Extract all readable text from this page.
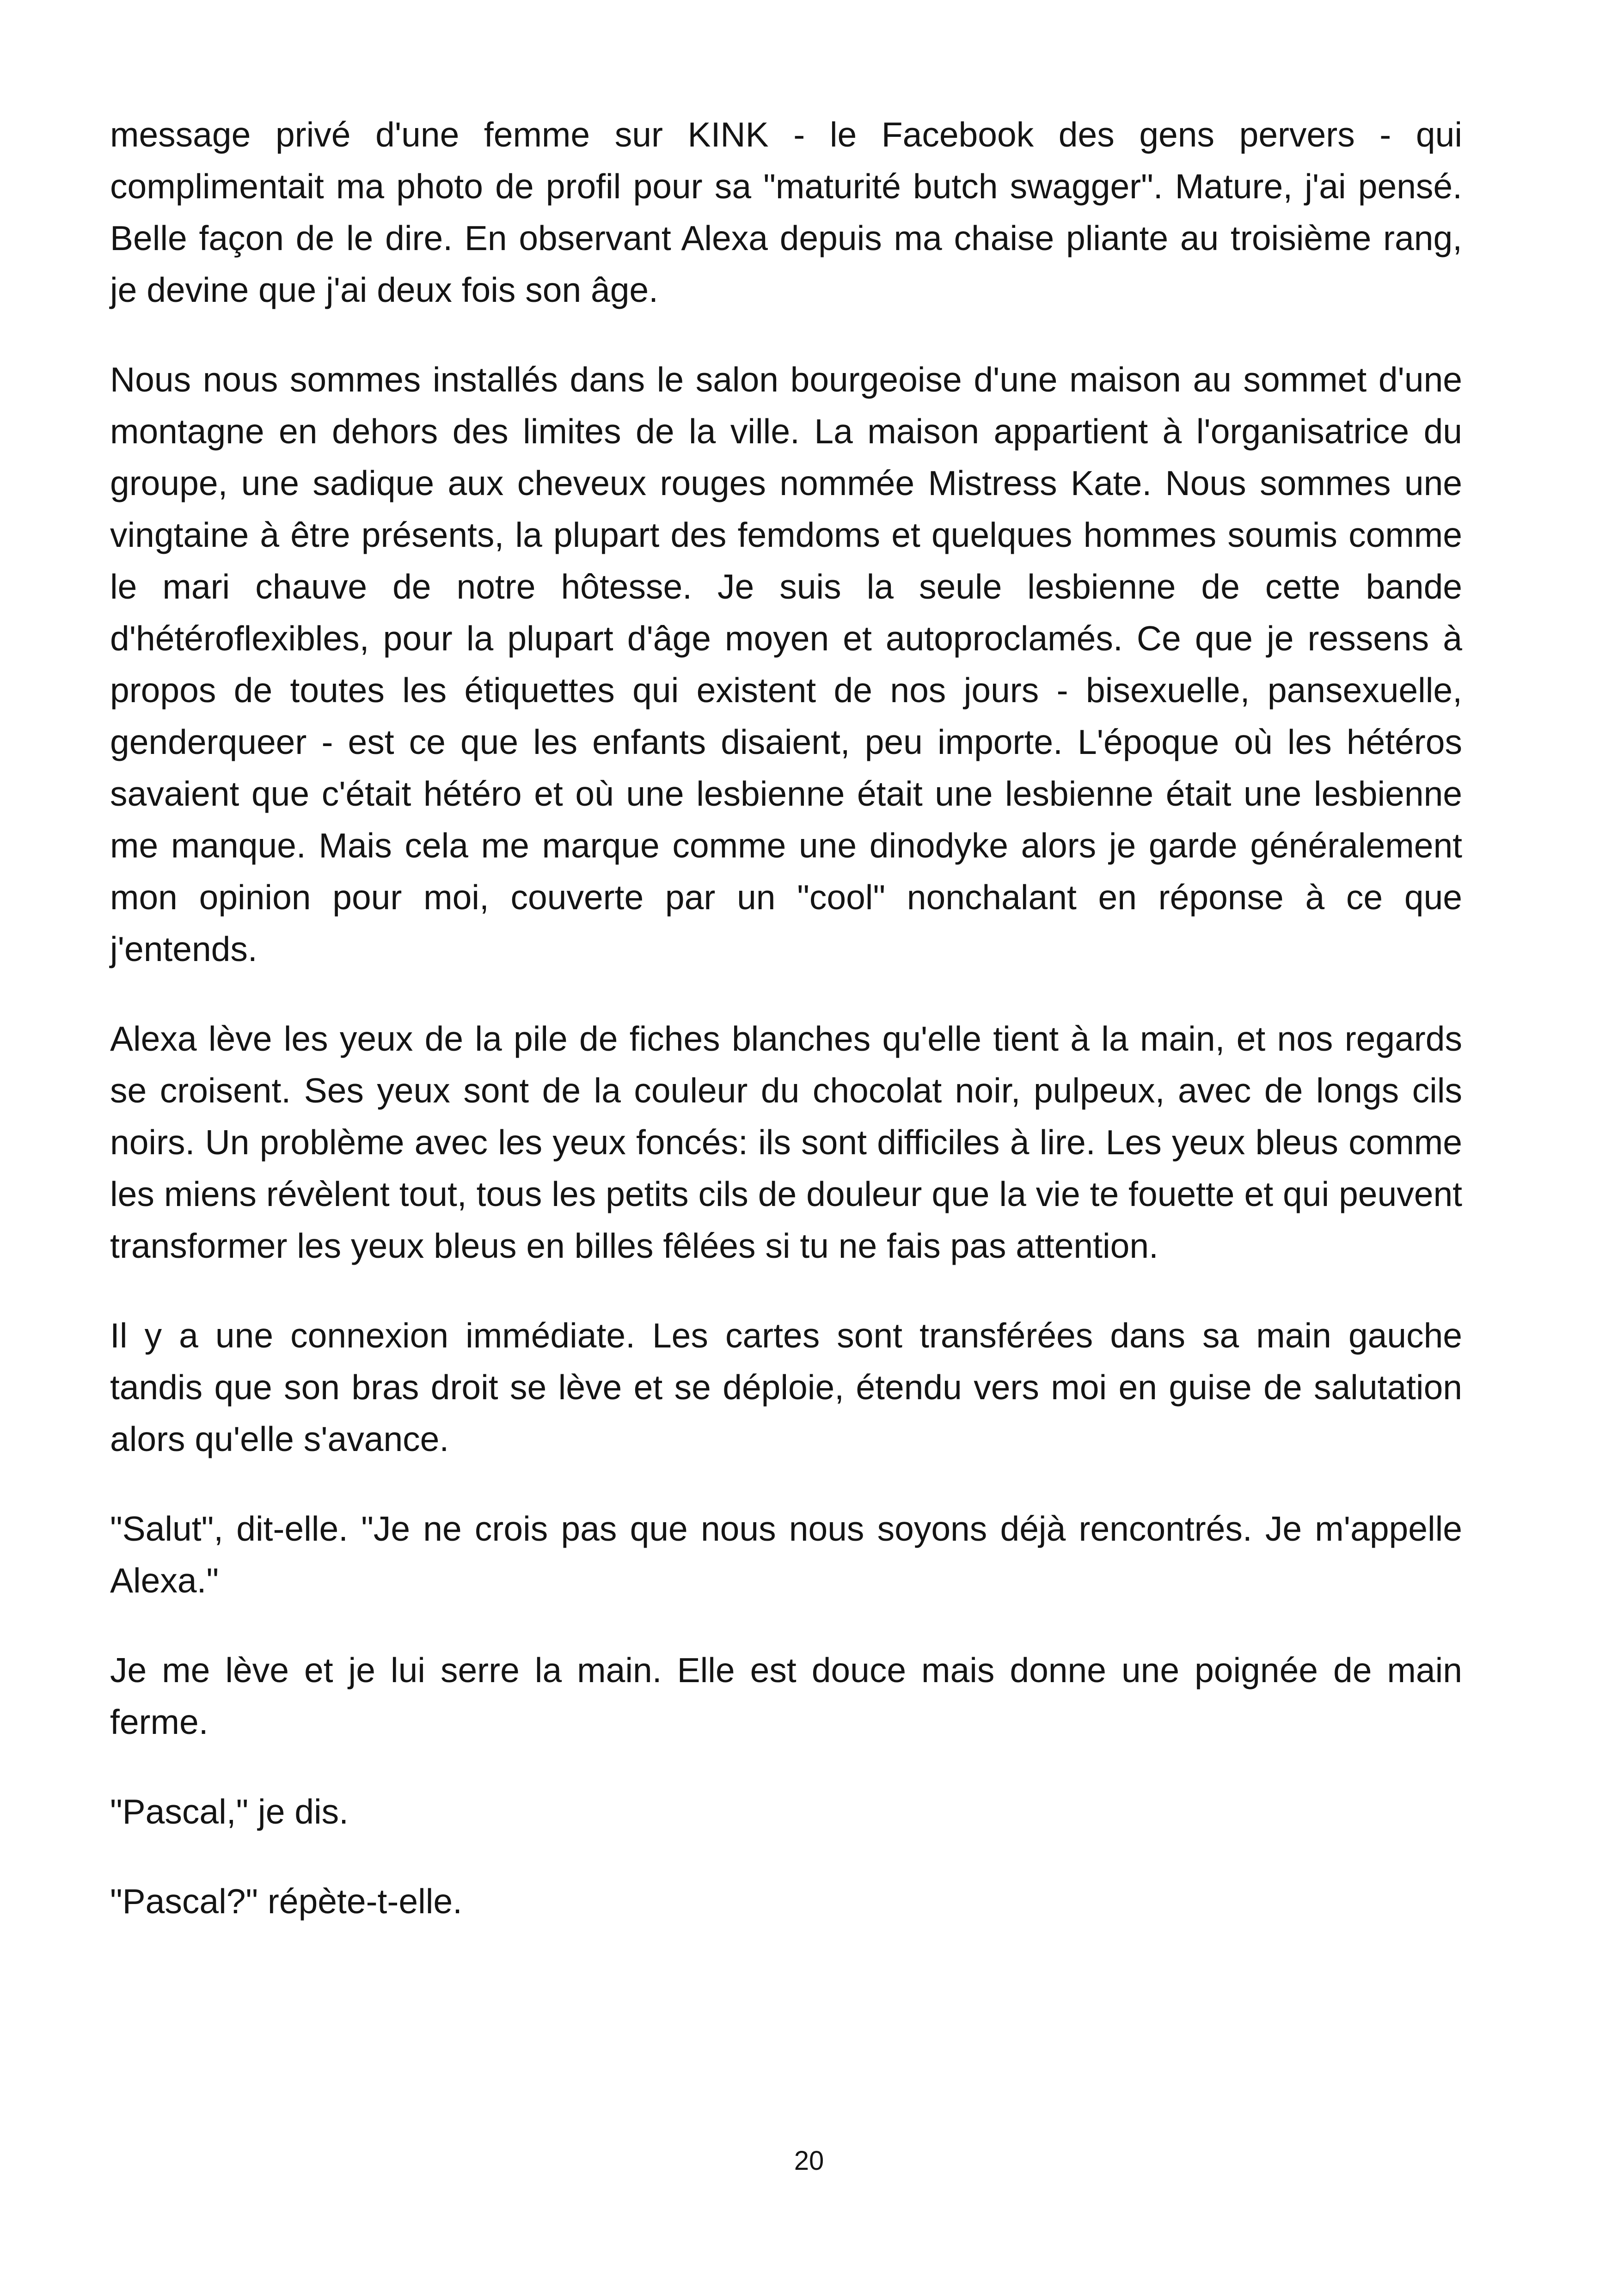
message privé d'une femme sur KINK - le Facebook des gens pervers - qui complimentait ma photo de profil pour sa "maturité butch swagger". Mature, j'ai pensé. Belle façon de le dire. En observant Alexa depuis ma chaise pliante au troisième rang, je devine que j'ai deux fois son âge.

Nous nous sommes installés dans le salon bourgeoise d'une maison au sommet d'une montagne en dehors des limites de la ville. La maison appartient à l'organisatrice du groupe, une sadique aux cheveux rouges nommée Mistress Kate. Nous sommes une vingtaine à être présents, la plupart des femdoms et quelques hommes soumis comme le mari chauve de notre hôtesse. Je suis la seule lesbienne de cette bande d'hétéroflexibles, pour la plupart d'âge moyen et autoproclamés. Ce que je ressens à propos de toutes les étiquettes qui existent de nos jours - bisexuelle, pansexuelle, genderqueer - est ce que les enfants disaient, peu importe. L'époque où les hétéros savaient que c'était hétéro et où une lesbienne était une lesbienne était une lesbienne me manque. Mais cela me marque comme une dinodyke alors je garde généralement mon opinion pour moi, couverte par un "cool" nonchalant en réponse à ce que j'entends.

Alexa lève les yeux de la pile de fiches blanches qu'elle tient à la main, et nos regards se croisent. Ses yeux sont de la couleur du chocolat noir, pulpeux, avec de longs cils noirs. Un problème avec les yeux foncés: ils sont difficiles à lire. Les yeux bleus comme les miens révèlent tout, tous les petits cils de douleur que la vie te fouette et qui peuvent transformer les yeux bleus en billes fêlées si tu ne fais pas attention.

Il y a une connexion immédiate. Les cartes sont transférées dans sa main gauche tandis que son bras droit se lève et se déploie, étendu vers moi en guise de salutation alors qu'elle s'avance.

"Salut", dit-elle. "Je ne crois pas que nous nous soyons déjà rencontrés. Je m'appelle Alexa."

Je me lève et je lui serre la main. Elle est douce mais donne une poignée de main ferme.

"Pascal," je dis.

"Pascal?" répète-t-elle.

20
